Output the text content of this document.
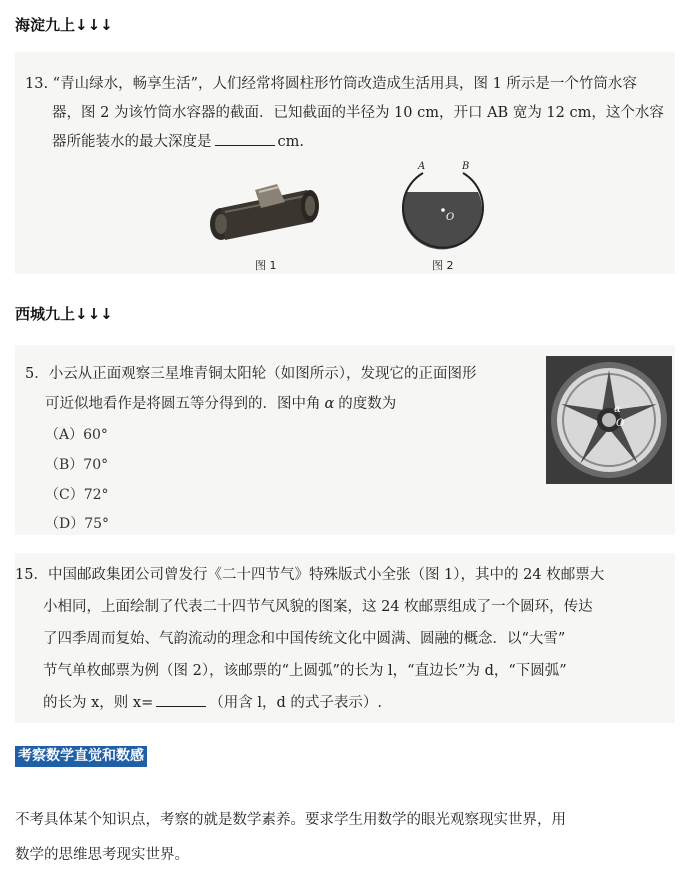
海淀九上↓↓↓
13. “青山绿水，畅享生活”，人们经常将圆柱形竹筒改造成生活用具，图 1 所示是一个竹筒水容
器，图 2 为该竹筒水容器的截面．已知截面的半径为 10 cm，开口 AB 宽为 12 cm，这个水容
器所能装水的最大深度是	cm.
图 1
O
A	B
图 2
西城九上↓↓↓
5．小云从正面观察三星堆青铜太阳轮（如图所示），发现它的正面图形
可近似地看作是将圆五等分得到的．图中角 α 的度数为
（A）60°
（B）70°
（C）72°
（D）75°
α
O
15．中国邮政集团公司曾发行《二十四节气》特殊版式小全张（图 1），其中的 24 枚邮票大
小相同，上面绘制了代表二十四节气风貌的图案，这 24 枚邮票组成了一个圆环，传达
了四季周而复始、气韵流动的理念和中国传统文化中圆满、圆融的概念．以“大雪”
节气单枚邮票为例（图 2），该邮票的“上圆弧”的长为 l，“直边长”为 d，“下圆弧”
的长为 x，则 x=	（用含 l，d 的式子表示）.
考察数学直觉和数感
不考具体某个知识点，考察的就是数学素养。要求学生用数学的眼光观察现实世界，用
数学的思维思考现实世界。
